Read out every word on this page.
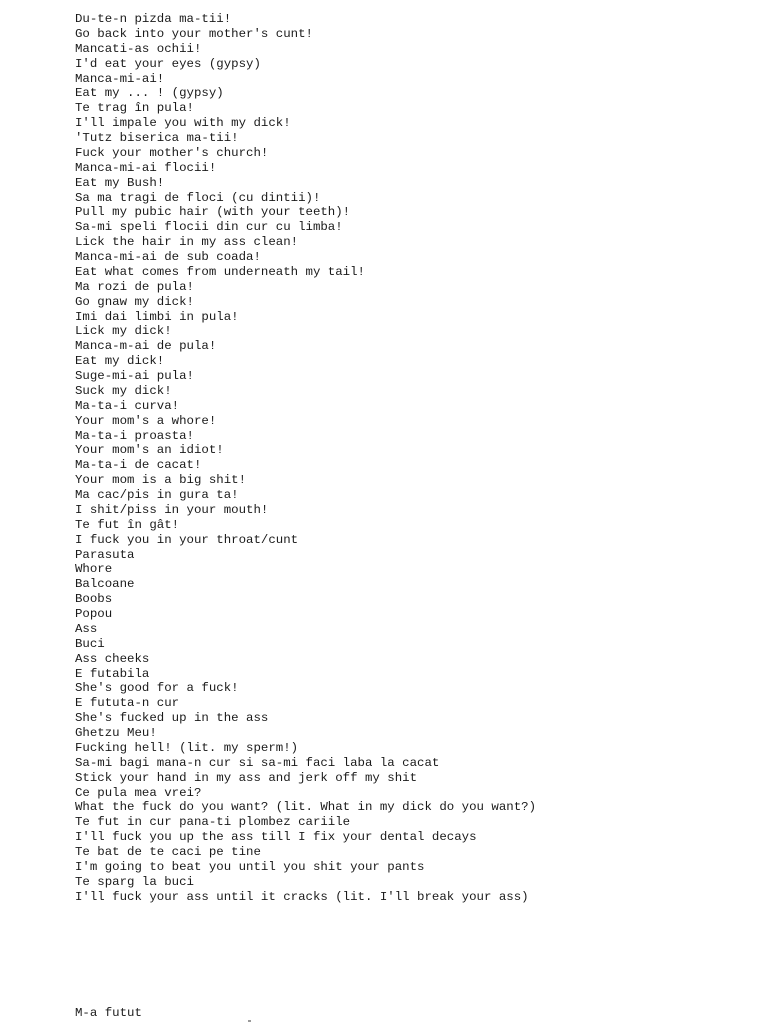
Du-te-n pizda ma-tii!
Go back into your mother's cunt!
Mancati-as ochii!
I'd eat your eyes (gypsy)
Manca-mi-ai!
Eat my ... ! (gypsy)
Te trag în pula!
I'll impale you with my dick!
'Tutz biserica ma-tii!
Fuck your mother's church!
Manca-mi-ai flocii!
Eat my Bush!
Sa ma tragi de floci (cu dintii)!
Pull my pubic hair (with your teeth)!
Sa-mi speli flocii din cur cu limba!
Lick the hair in my ass clean!
Manca-mi-ai de sub coada!
Eat what comes from underneath my tail!
Ma rozi de pula!
Go gnaw my dick!
Imi dai limbi in pula!
Lick my dick!
Manca-m-ai de pula!
Eat my dick!
Suge-mi-ai pula!
Suck my dick!
Ma-ta-i curva!
Your mom's a whore!
Ma-ta-i proasta!
Your mom's an idiot!
Ma-ta-i de cacat!
Your mom is a big shit!
Ma cac/pis in gura ta!
I shit/piss in your mouth!
Te fut în gât!
I fuck you in your throat/cunt
Parasuta
Whore
Balcoane
Boobs
Popou
Ass
Buci
Ass cheeks
E futabila
She's good for a fuck!
E fututa-n cur
She's fucked up in the ass
Ghetzu Meu!
Fucking hell! (lit. my sperm!)
Sa-mi bagi mana-n cur si sa-mi faci laba la cacat
Stick your hand in my ass and jerk off my shit
Ce pula mea vrei?
What the fuck do you want? (lit. What in my dick do you want?)
Te fut in cur pana-ti plombez cariile
I'll fuck you up the ass till I fix your dental decays
Te bat de te caci pe tine
I'm going to beat you until you shit your pants
Te sparg la buci
I'll fuck your ass until it cracks (lit. I'll break your ass)
M-a futut
